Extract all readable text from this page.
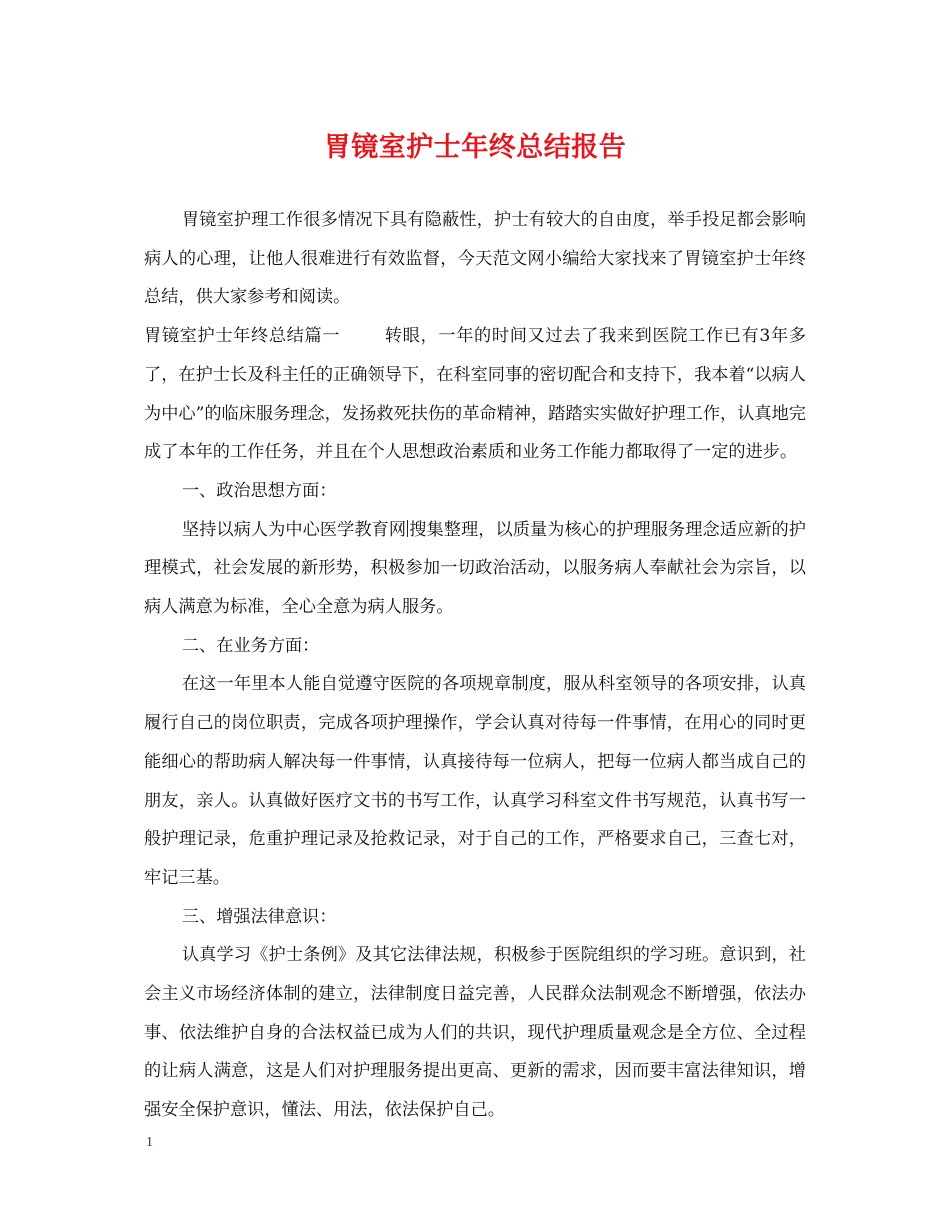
胃镜室护士年终总结报告

胃镜室护理工作很多情况下具有隐蔽性，护士有较大的自由度，举手投足都会影响病人的心理，让他人很难进行有效监督，今天范文网小编给大家找来了胃镜室护士年终总结，供大家参考和阅读。

胃镜室护士年终总结篇一	转眼，一年的时间又过去了我来到医院工作已有3年多了，在护士长及科主任的正确领导下，在科室同事的密切配合和支持下，我本着“以病人为中心”的临床服务理念，发扬救死扶伤的革命精神，踏踏实实做好护理工作，认真地完成了本年的工作任务，并且在个人思想政治素质和业务工作能力都取得了一定的进步。

一、政治思想方面：

坚持以病人为中心医学教育网 搜集整理，以质量为核心的护理服务理念适应新的护理模式，社会发展的新形势，积极参加一切政治活动，以服务病人奉献社会为宗旨，以病人满意为标准，全心全意为病人服务。

二、在业务方面：

在这一年里本人能自觉遵守医院的各项规章制度，服从科室领导的各项安排，认真履行自己的岗位职责，完成各项护理操作，学会认真对待每一件事情，在用心的同时更能细心的帮助病人解决每一件事情，认真接待每一位病人，把每一位病人都当成自己的朋友，亲人。认真做好医疗文书的书写工作，认真学习科室文件书写规范，认真书写一般护理记录，危重护理记录及抢救记录，对于自己的工作，严格要求自己，三查七对，牢记三基。

三、增强法律意识：

认真学习《护士条例》及其它法律法规，积极参于医院组织的学习班。意识到，社会主义市场经济体制的建立，法律制度日益完善，人民群众法制观念不断增强，依法办事、依法维护自身的合法权益已成为人们的共识，现代护理质量观念是全方位、全过程的让病人满意，这是人们对护理服务提出更高、更新的需求，因而要丰富法律知识，增强安全保护意识，懂法、用法，依法保护自己。

1
